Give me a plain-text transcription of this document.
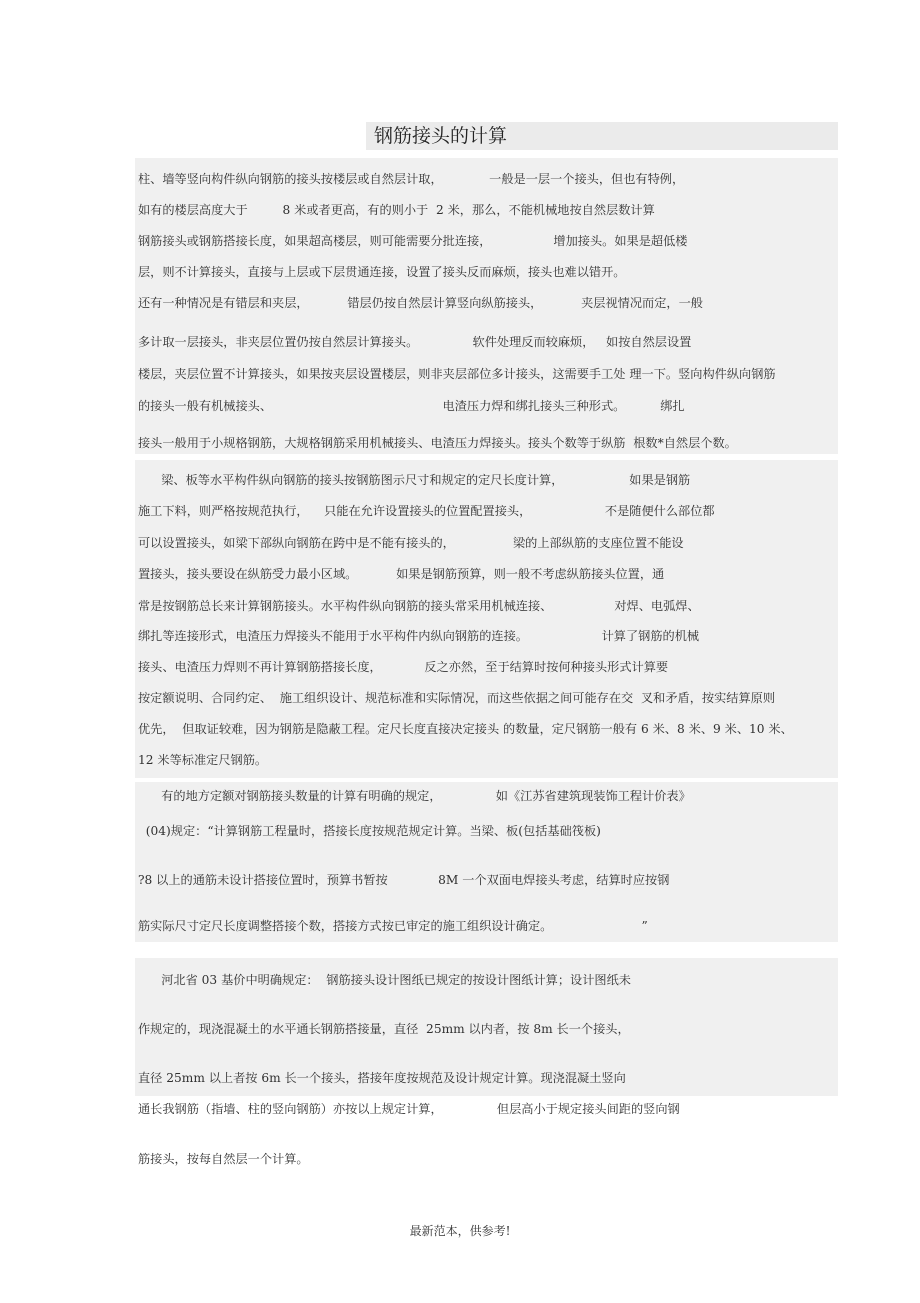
钢筋接头的计算
柱、墙等竖向构件纵向钢筋的接头按楼层或自然层计取，            一般是一层一个接头，但也有特例，
如有的楼层高度大于         8 米或者更高，有的则小于  2 米，那么，不能机械地按自然层数计算
钢筋接头或钢筋搭接长度，如果超高楼层，则可能需要分批连接，                增加接头。如果是超低楼
层，则不计算接头，直接与上层或下层贯通连接，设置了接头反而麻烦，接头也难以错开。
还有一种情况是有错层和夹层，          错层仍按自然层计算竖向纵筋接头，          夹层视情况而定，一般
多计取一层接头，非夹层位置仍按自然层计算接头。              软件处理反而较麻烦，   如按自然层设置
楼层，夹层位置不计算接头，如果按夹层设置楼层，则非夹层部位多计接头，这需要手工处 理一下。竖向构件纵向钢筋
的接头一般有机械接头、                                            电渣压力焊和绑扎接头三种形式。         绑扎
接头一般用于小规格钢筋，大规格钢筋采用机械接头、电渣压力焊接头。接头个数等于纵筋  根数*自然层个数。
梁、板等水平构件纵向钢筋的接头按钢筋图示尺寸和规定的定尺长度计算，                 如果是钢筋
施工下料，则严格按规范执行，    只能在允许设置接头的位置配置接头，                   不是随便什么部位都
可以设置接头，如梁下部纵向钢筋在跨中是不能有接头的，               梁的上部纵筋的支座位置不能设
置接头，接头要设在纵筋受力最小区域。          如果是钢筋预算，则一般不考虑纵筋接头位置，通
常是按钢筋总长来计算钢筋接头。水平构件纵向钢筋的接头常采用机械连接、                对焊、电弧焊、
绑扎等连接形式，电渣压力焊接头不能用于水平构件内纵向钢筋的连接。                   计算了钢筋的机械
接头、电渣压力焊则不再计算钢筋搭接长度，           反之亦然，至于结算时按何种接头形式计算要
按定额说明、合同约定、  施工组织设计、规范标准和实际情况，而这些依据之间可能存在交  叉和矛盾，按实结算原则
优先，  但取证较难，因为钢筋是隐蔽工程。定尺长度直接决定接头 的数量，定尺钢筋一般有 6 米、8 米、9 米、10 米、
12 米等标准定尺钢筋。
有的地方定额对钢筋接头数量的计算有明确的规定，              如《江苏省建筑现装饰工程计价表》
(04)规定：“计算钢筋工程量时，搭接长度按规范规定计算。当梁、板(包括基础筏板)
?8 以上的通筋未设计搭接位置时，预算书暂按             8M 一个双面电焊接头考虑，结算时应按钢
筋实际尺寸定尺长度调整搭接个数，搭接方式按已审定的施工组织设计确定。                       ”
河北省 03 基价中明确规定：  钢筋接头设计图纸已规定的按设计图纸计算；设计图纸未
作规定的，现浇混凝土的水平通长钢筋搭接量，直径  25mm 以内者，按 8m 长一个接头，
直径 25mm 以上者按 6m 长一个接头，搭接年度按规范及设计规定计算。现浇混凝土竖向
通长我钢筋（指墙、柱的竖向钢筋）亦按以上规定计算，              但层高小于规定接头间距的竖向钢
筋接头，按每自然层一个计算。
最新范本，供参考!
